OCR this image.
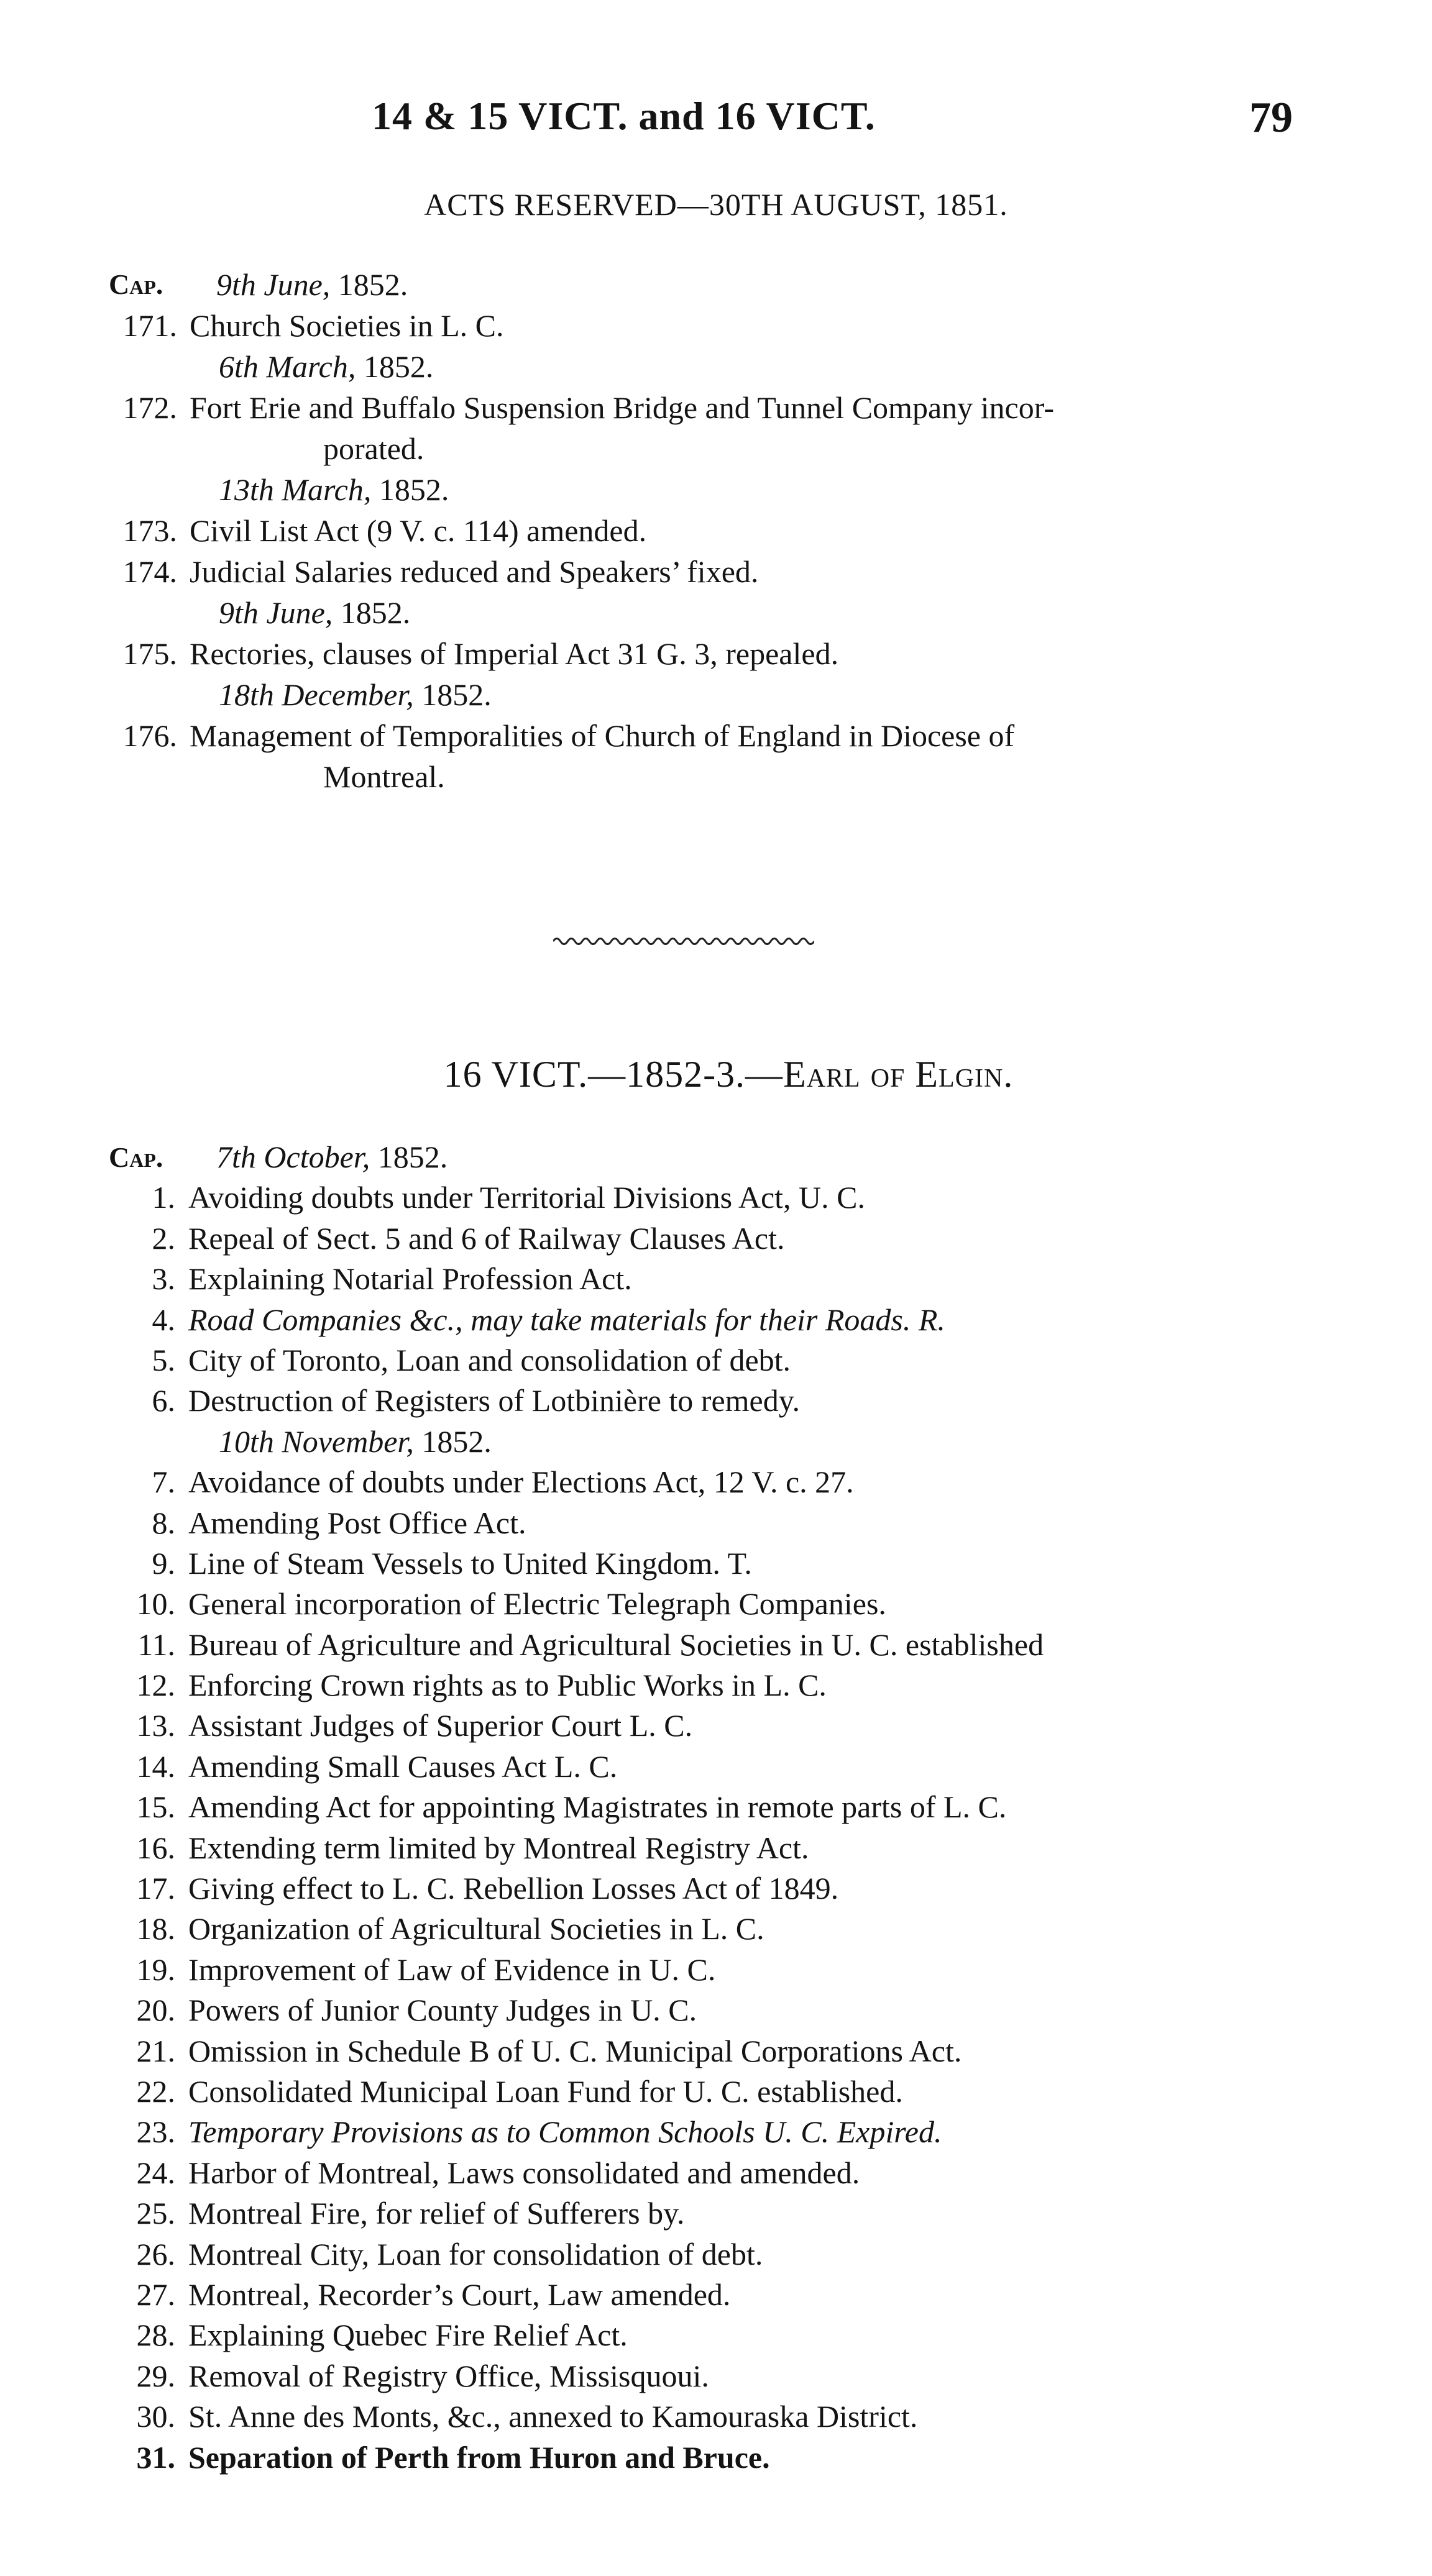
14 & 15 VICT. and 16 VICT.	79
ACTS RESERVED—30TH AUGUST, 1851.
Cap. 9th June, 1852.
171. Church Societies in L. C.
6th March, 1852.
172. Fort Erie and Buffalo Suspension Bridge and Tunnel Company incor-
porated.
13th March, 1852.
173. Civil List Act (9 V. c. 114) amended.
174. Judicial Salaries reduced and Speakers’ fixed.
9th June, 1852.
175. Rectories, clauses of Imperial Act 31 G. 3, repealed.
18th December, 1852.
176. Management of Temporalities of Church of England in Diocese of
Montreal.
16 VICT.—1852-3.—Earl of Elgin.
Cap. 7th October, 1852.
1. Avoiding doubts under Territorial Divisions Act, U. C.
2. Repeal of Sect. 5 and 6 of Railway Clauses Act.
3. Explaining Notarial Profession Act.
4. Road Companies &c., may take materials for their Roads. R.
5. City of Toronto, Loan and consolidation of debt.
6. Destruction of Registers of Lotbinière to remedy.
10th November, 1852.
7. Avoidance of doubts under Elections Act, 12 V. c. 27.
8. Amending Post Office Act.
9. Line of Steam Vessels to United Kingdom. T.
10. General incorporation of Electric Telegraph Companies.
11. Bureau of Agriculture and Agricultural Societies in U. C. established
12. Enforcing Crown rights as to Public Works in L. C.
13. Assistant Judges of Superior Court L. C.
14. Amending Small Causes Act L. C.
15. Amending Act for appointing Magistrates in remote parts of L. C.
16. Extending term limited by Montreal Registry Act.
17. Giving effect to L. C. Rebellion Losses Act of 1849.
18. Organization of Agricultural Societies in L. C.
19. Improvement of Law of Evidence in U. C.
20. Powers of Junior County Judges in U. C.
21. Omission in Schedule B of U. C. Municipal Corporations Act.
22. Consolidated Municipal Loan Fund for U. C. established.
23. Temporary Provisions as to Common Schools U. C. Expired.
24. Harbor of Montreal, Laws consolidated and amended.
25. Montreal Fire, for relief of Sufferers by.
26. Montreal City, Loan for consolidation of debt.
27. Montreal, Recorder’s Court, Law amended.
28. Explaining Quebec Fire Relief Act.
29. Removal of Registry Office, Missisquoui.
30. St. Anne des Monts, &c., annexed to Kamouraska District.
31. Separation of Perth from Huron and Bruce.
